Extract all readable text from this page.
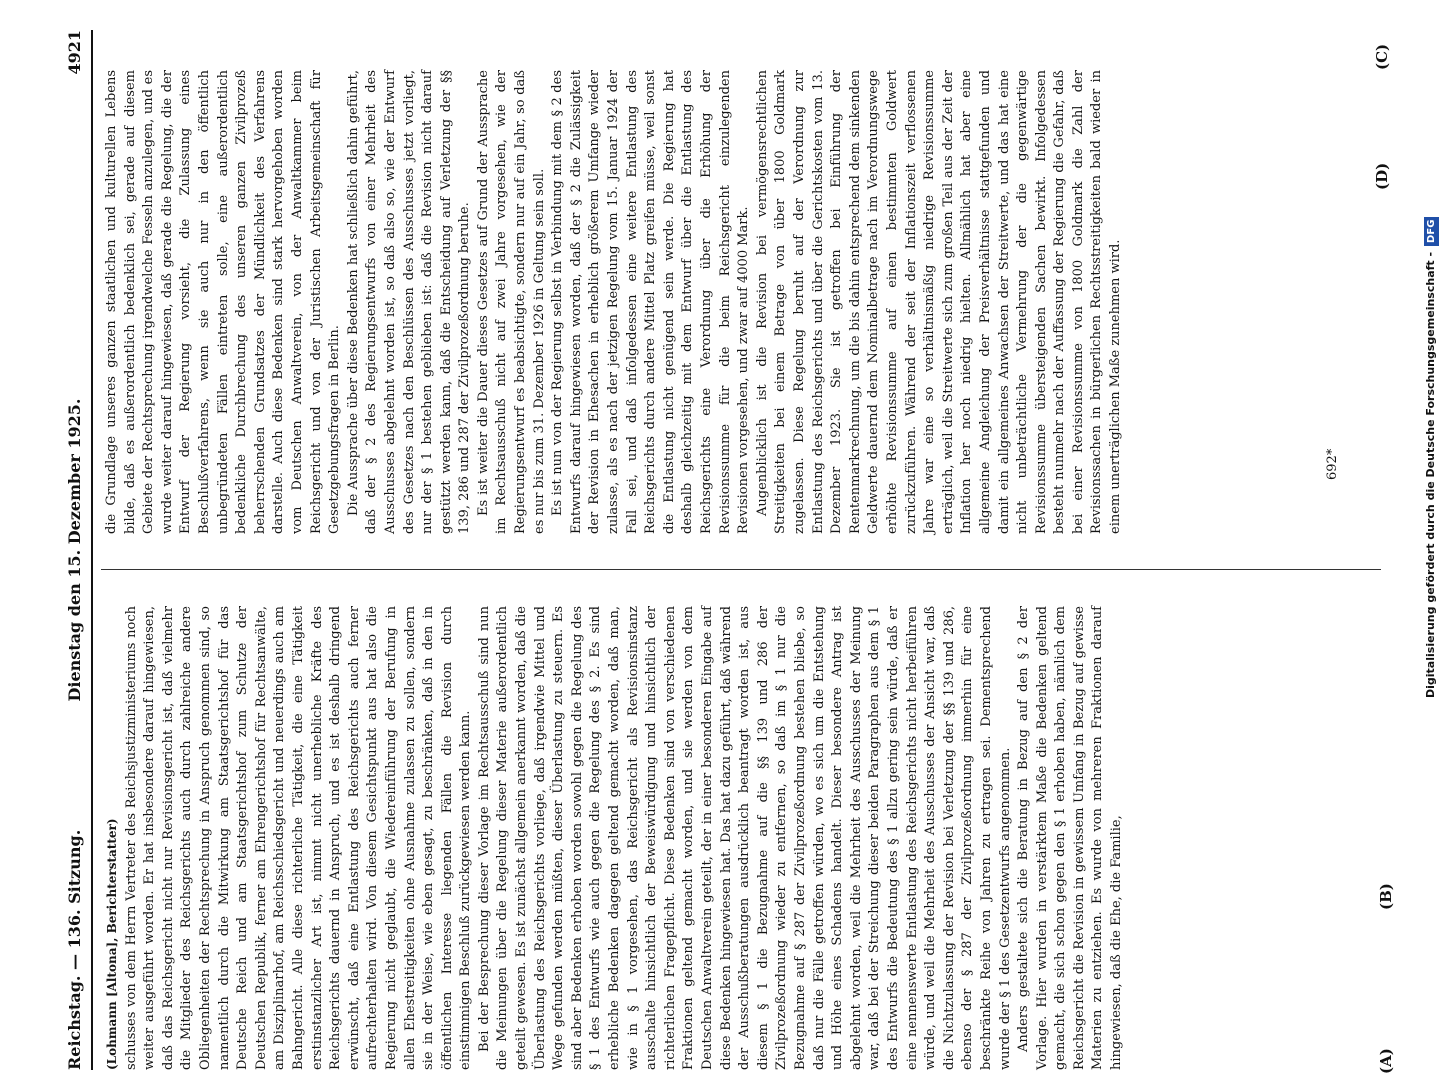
Reichstag. — 136. Sitzung.
Dienstag den 15. Dezember 1925.
4921

(Lohmann [Altona], Berichterstatter) schusses von dem Herrn Vertreter des Reichsjustizministeriums noch weiter ausgeführt worden. Er hat insbesondere darauf hingewiesen, daß das Reichsgericht nicht nur Revisionsgericht ist, daß vielmehr die Mitglieder des Reichsgerichts auch durch zahlreiche andere Obliegenheiten der Rechtsprechung in Anspruch genommen sind, so namentlich durch die Mitwirkung am Staatsgerichtshof für das Deutsche Reich und am Staatsgerichtshof zum Schutze der Deutschen Republik, ferner am Ehrengerichtshof für Rechtsanwälte, am Disziplinarhof, am Reichsschiedsgericht und neuerdings auch am Bahngericht. Alle diese richterliche Tätigkeit, die eine Tätigkeit erstinstanzlicher Art ist, nimmt nicht unerhebliche Kräfte des Reichsgerichts dauernd in Anspruch, und es ist deshalb dringend erwünscht, daß eine Entlastung des Reichsgerichts auch ferner aufrechterhalten wird. Von diesem Gesichtspunkt aus hat also die Regierung nicht geglaubt, die Wiedereinführung der Berufung in allen Ehestreitigkeiten ohne Ausnahme zulassen zu sollen, sondern sie in der Weise, wie eben gesagt, zu beschränken, daß in den in öffentlichen Interesse liegenden Fällen die Revision durch einstimmigen Beschluß zurückgewiesen werden kann. Bei der Besprechung dieser Vorlage im Rechtsausschuß sind nun die Meinungen über die Regelung dieser Materie außerordentlich geteilt gewesen. Es ist zunächst allgemein anerkannt worden, daß die Überlastung des Reichsgerichts vorliege, daß irgendwie Mittel und Wege gefunden werden müßten, dieser Überlastung zu steuern. Es sind aber Bedenken erhoben worden sowohl gegen die Regelung des § 1 des Entwurfs wie auch gegen die Regelung des § 2. Es sind erhebliche Bedenken dagegen geltend gemacht worden, daß man, wie in § 1 vorgesehen, das Reichsgericht als Revisionsinstanz ausschalte hinsichtlich der Beweiswürdigung und hinsichtlich der richterlichen Fragepflicht. Diese Bedenken sind von verschiedenen Fraktionen geltend gemacht worden, und sie werden von dem Deutschen Anwaltverein geteilt, der in einer besonderen Eingabe auf diese Bedenken hingewiesen hat. Das hat dazu geführt, daß während der Ausschußberatungen ausdrücklich beantragt worden ist, aus diesem § 1 die Bezugnahme auf die §§ 139 und 286 der Zivilprozeßordnung wieder zu entfernen, so daß im § 1 nur die Bezugnahme auf § 287 der Zivilprozeßordnung bestehen bliebe, so daß nur die Fälle getroffen würden, wo es sich um die Entstehung und Höhe eines Schadens handelt. Dieser besondere Antrag ist abgelehnt worden, weil die Mehrheit des Ausschusses der Meinung war, daß bei der Streichung dieser beiden Paragraphen aus dem § 1 des Entwurfs die Bedeutung des § 1 allzu gering sein würde, daß er eine nennenswerte Entlastung des Reichsgerichts nicht herbeiführen würde, und weil die Mehrheit des Ausschusses der Ansicht war, daß die Nichtzulassung der Revision bei Verletzung der §§ 139 und 286, ebenso der § 287 der Zivilprozeßordnung immerhin für eine beschränkte Reihe von Jahren zu ertragen sei. Dementsprechend wurde der § 1 des Gesetzentwurfs angenommen. Anders gestaltete sich die Beratung in Bezug auf den § 2 der Vorlage. Hier wurden in verstärktem Maße die Bedenken geltend gemacht, die sich schon gegen den § 1 erhoben haben, nämlich dem Reichsgericht die Revision in gewissem Umfang in Bezug auf gewisse Materien zu entziehen. Es wurde von mehreren Fraktionen darauf hingewiesen, daß die Ehe, die Familie,

die Grundlage unseres ganzen staatlichen und kulturellen Lebens bilde, daß es außerordentlich bedenklich sei, gerade auf diesem Gebiete der Rechtsprechung irgendwelche Fesseln anzulegen, und es wurde weiter darauf hingewiesen, daß gerade die Regelung, die der Entwurf der Regierung vorsieht, die Zulassung eines Beschlußverfahrens, wenn sie auch nur in den öffentlich unbegründeten Fällen eintreten solle, eine außerordentlich bedenkliche Durchbrechung des unseren ganzen Zivilprozeß beherrschenden Grundsatzes der Mündlichkeit des Verfahrens darstelle. Auch diese Bedenken sind stark hervorgehoben worden vom Deutschen Anwaltverein, von der Anwaltkammer beim Reichsgericht und von der Juristischen Arbeitsgemeinschaft für Gesetzgebungsfragen in Berlin. Die Aussprache über diese Bedenken hat schließlich dahin geführt, daß der § 2 des Regierungsentwurfs von einer Mehrheit des Ausschusses abgelehnt worden ist, so daß also so, wie der Entwurf des Gesetzes nach den Beschlüssen des Ausschusses jetzt vorliegt, nur der § 1 bestehen geblieben ist: daß die Revision nicht darauf gestützt werden kann, daß die Entscheidung auf Verletzung der §§ 139, 286 und 287 der Zivilprozeßordnung beruhe. Es ist weiter die Dauer dieses Gesetzes auf Grund der Aussprache im Rechtsausschuß nicht auf zwei Jahre vorgesehen, wie der Regierungsentwurf es beabsichtigte, sondern nur auf ein Jahr, so daß es nur bis zum 31. Dezember 1926 in Geltung sein soll. Es ist nun von der Regierung selbst in Verbindung mit dem § 2 des Entwurfs darauf hingewiesen worden, daß der § 2 die Zulässigkeit der Revision in Ehesachen in erheblich größerem Umfange wieder zulasse, als es nach der jetzigen Regelung vom 15. Januar 1924 der Fall sei, und daß infolgedessen eine weitere Entlastung des Reichsgerichts durch andere Mittel Platz greifen müsse, weil sonst die Entlastung nicht genügend sein werde. Die Regierung hat deshalb gleichzeitig mit dem Entwurf über die Entlastung des Reichsgerichts eine Verordnung über die Erhöhung der Revisionssumme für die beim Reichsgericht einzulegenden Revisionen vorgesehen, und zwar auf 4000 Mark. Augenblicklich ist die Revision bei vermögensrechtlichen Streitigkeiten bei einem Betrage von über 1800 Goldmark zugelassen. Diese Regelung beruht auf der Verordnung zur Entlastung des Reichsgerichts und über die Gerichtskosten vom 13. Dezember 1923. Sie ist getroffen bei Einführung der Rentenmarkrechnung, um die bis dahin entsprechend dem sinkenden Geldwerte dauernd dem Nominalbetrage nach im Verordnungswege erhöhte Revisionssumme auf einen bestimmten Goldwert zurückzuführen. Während der seit der Inflationszeit verflossenen Jahre war eine so verhältnismäßig niedrige Revisionssumme erträglich, weil die Streitwerte sich zum großen Teil aus der Zeit der Inflation her noch niedrig hielten. Allmählich hat aber eine allgemeine Angleichung der Preisverhältnisse stattgefunden und damit ein allgemeines Anwachsen der Streitwerte, und das hat eine nicht unbeträchtliche Vermehrung der die gegenwärtige Revisionssumme übersteigenden Sachen bewirkt. Infolgedessen besteht nunmehr nach der Auffassung der Regierung die Gefahr, daß bei einer Revisionssumme von 1800 Goldmark die Zahl der Revisionssachen in bürgerlichen Rechtsstreitigkeiten bald wieder in einem unerträglichen Maße zunehmen wird.

(A)
(B)
(C)
(D)
692*	Digitalisierung gefördert durch die Deutsche Forschungsgemeinschaft -DFG
